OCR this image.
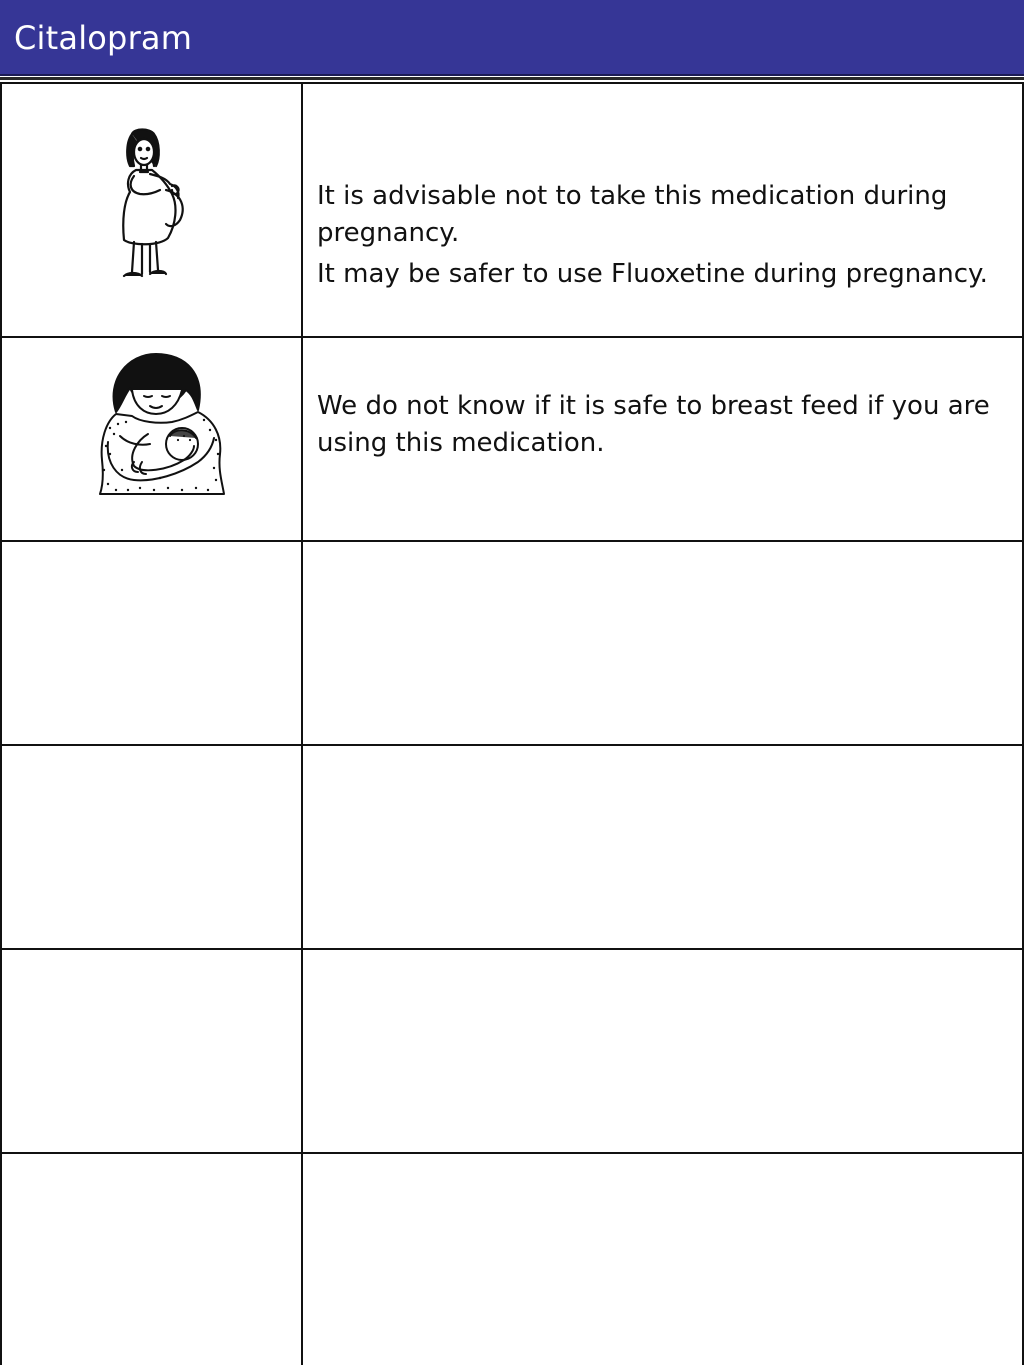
Citalopram

It is advisable not to take this medication during pregnancy.

It may be safer to use Fluoxetine during pregnancy.

We do not know if it is safe to breast feed if you are using this medication.
